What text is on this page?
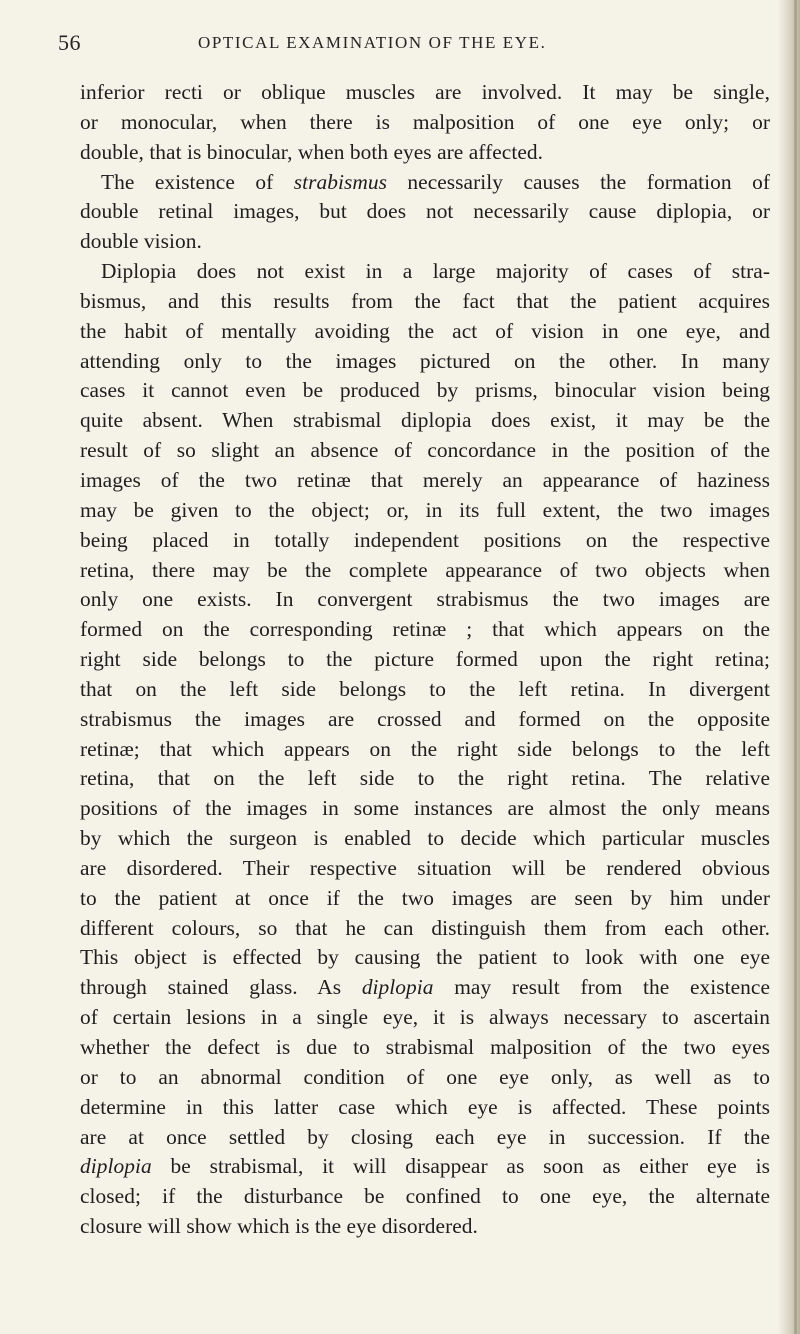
56	OPTICAL EXAMINATION OF THE EYE.
inferior recti or oblique muscles are involved. It may be single,
or monocular, when there is malposition of one eye only; or
double, that is binocular, when both eyes are affected.
The existence of strabismus necessarily causes the formation of
double retinal images, but does not necessarily cause diplopia, or
double vision.
Diplopia does not exist in a large majority of cases of stra-
bismus, and this results from the fact that the patient acquires
the habit of mentally avoiding the act of vision in one eye, and
attending only to the images pictured on the other. In many
cases it cannot even be produced by prisms, binocular vision being
quite absent. When strabismal diplopia does exist, it may be the
result of so slight an absence of concordance in the position of the
images of the two retinæ that merely an appearance of haziness
may be given to the object; or, in its full extent, the two images
being placed in totally independent positions on the respective
retina, there may be the complete appearance of two objects when
only one exists. In convergent strabismus the two images are
formed on the corresponding retinæ ; that which appears on the
right side belongs to the picture formed upon the right retina;
that on the left side belongs to the left retina. In divergent
strabismus the images are crossed and formed on the opposite
retinæ; that which appears on the right side belongs to the left
retina, that on the left side to the right retina. The relative
positions of the images in some instances are almost the only means
by which the surgeon is enabled to decide which particular muscles
are disordered. Their respective situation will be rendered obvious
to the patient at once if the two images are seen by him under
different colours, so that he can distinguish them from each other.
This object is effected by causing the patient to look with one eye
through stained glass. As diplopia may result from the existence
of certain lesions in a single eye, it is always necessary to ascertain
whether the defect is due to strabismal malposition of the two eyes
or to an abnormal condition of one eye only, as well as to
determine in this latter case which eye is affected. These points
are at once settled by closing each eye in succession. If the
diplopia be strabismal, it will disappear as soon as either eye is
closed; if the disturbance be confined to one eye, the alternate
closure will show which is the eye disordered.
